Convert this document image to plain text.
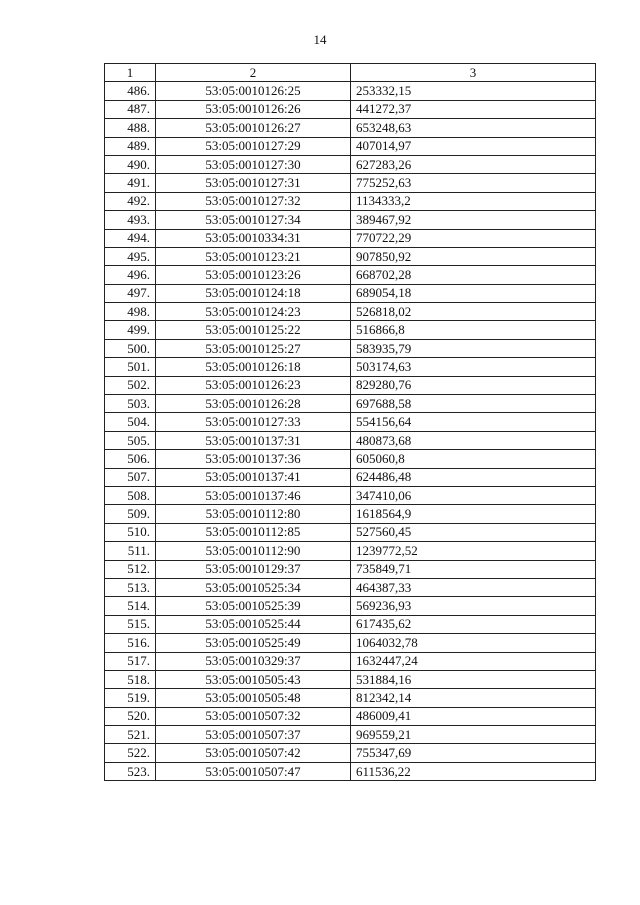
14
1	2	3
486.	53:05:0010126:25	253332,15
487.	53:05:0010126:26	441272,37
488.	53:05:0010126:27	653248,63
489.	53:05:0010127:29	407014,97
490.	53:05:0010127:30	627283,26
491.	53:05:0010127:31	775252,63
492.	53:05:0010127:32	1134333,2
493.	53:05:0010127:34	389467,92
494.	53:05:0010334:31	770722,29
495.	53:05:0010123:21	907850,92
496.	53:05:0010123:26	668702,28
497.	53:05:0010124:18	689054,18
498.	53:05:0010124:23	526818,02
499.	53:05:0010125:22	516866,8
500.	53:05:0010125:27	583935,79
501.	53:05:0010126:18	503174,63
502.	53:05:0010126:23	829280,76
503.	53:05:0010126:28	697688,58
504.	53:05:0010127:33	554156,64
505.	53:05:0010137:31	480873,68
506.	53:05:0010137:36	605060,8
507.	53:05:0010137:41	624486,48
508.	53:05:0010137:46	347410,06
509.	53:05:0010112:80	1618564,9
510.	53:05:0010112:85	527560,45
511.	53:05:0010112:90	1239772,52
512.	53:05:0010129:37	735849,71
513.	53:05:0010525:34	464387,33
514.	53:05:0010525:39	569236,93
515.	53:05:0010525:44	617435,62
516.	53:05:0010525:49	1064032,78
517.	53:05:0010329:37	1632447,24
518.	53:05:0010505:43	531884,16
519.	53:05:0010505:48	812342,14
520.	53:05:0010507:32	486009,41
521.	53:05:0010507:37	969559,21
522.	53:05:0010507:42	755347,69
523.	53:05:0010507:47	611536,22
